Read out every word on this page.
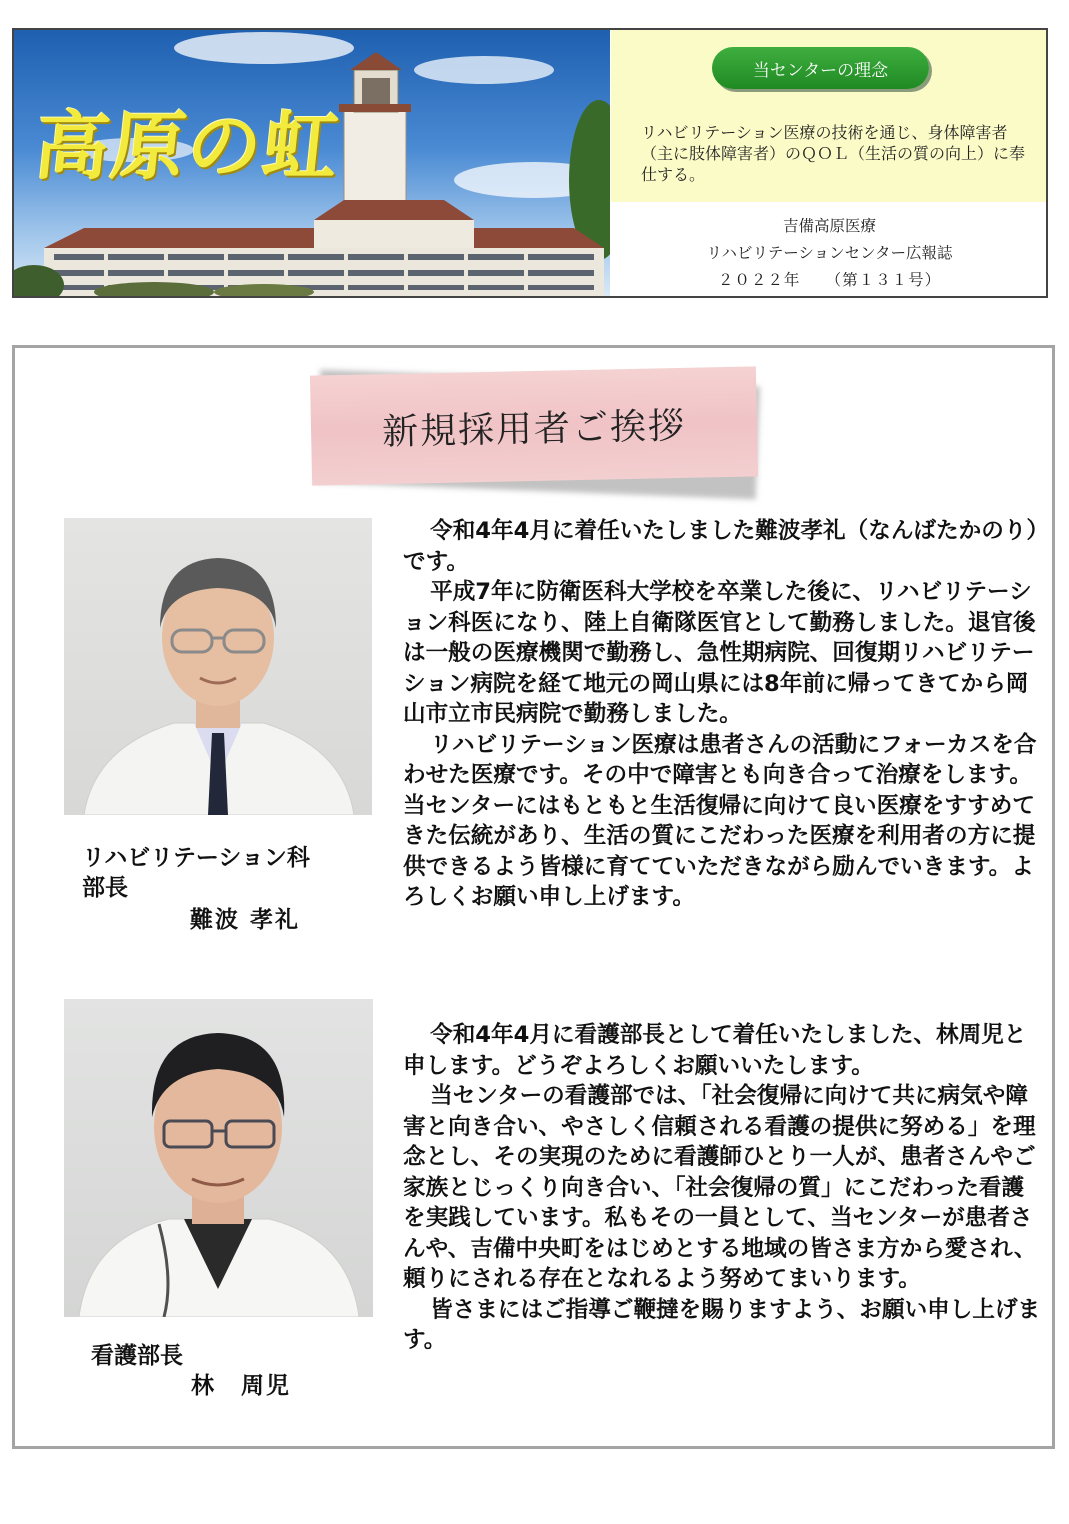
高原の虹
当センターの理念
リハビリテーション医療の技術を通じ、身体障害者（主に肢体障害者）のＱＯＬ（生活の質の向上）に奉仕する。
吉備高原医療
リハビリテーションセンター広報誌
２０２２年　　（第１３１号）
新規採用者ご挨拶
リハビリテーション科
部長
難波 孝礼

令和4年4月に着任いたしました難波孝礼（なんばたかのり）です。

平成7年に防衛医科大学校を卒業した後に、リハビリテーション科医になり、陸上自衛隊医官として勤務しました。退官後は一般の医療機関で勤務し、急性期病院、回復期リハビリテーション病院を経て地元の岡山県には8年前に帰ってきてから岡山市立市民病院で勤務しました。

リハビリテーション医療は患者さんの活動にフォーカスを合わせた医療です。その中で障害とも向き合って治療をします。当センターにはもともと生活復帰に向けて良い医療をすすめてきた伝統があり、生活の質にこだわった医療を利用者の方に提供できるよう皆様に育てていただきながら励んでいきます。よろしくお願い申し上げます。

看護部長
林　周児

令和4年4月に看護部長として着任いたしました、林周児と申します。どうぞよろしくお願いいたします。

当センターの看護部では、「社会復帰に向けて共に病気や障害と向き合い、やさしく信頼される看護の提供に努める」を理念とし、その実現のために看護師ひとり一人が、患者さんやご家族とじっくり向き合い、「社会復帰の質」にこだわった看護を実践しています。私もその一員として、当センターが患者さんや、吉備中央町をはじめとする地域の皆さま方から愛され、頼りにされる存在となれるよう努めてまいります。

皆さまにはご指導ご鞭撻を賜りますよう、お願い申し上げます。
